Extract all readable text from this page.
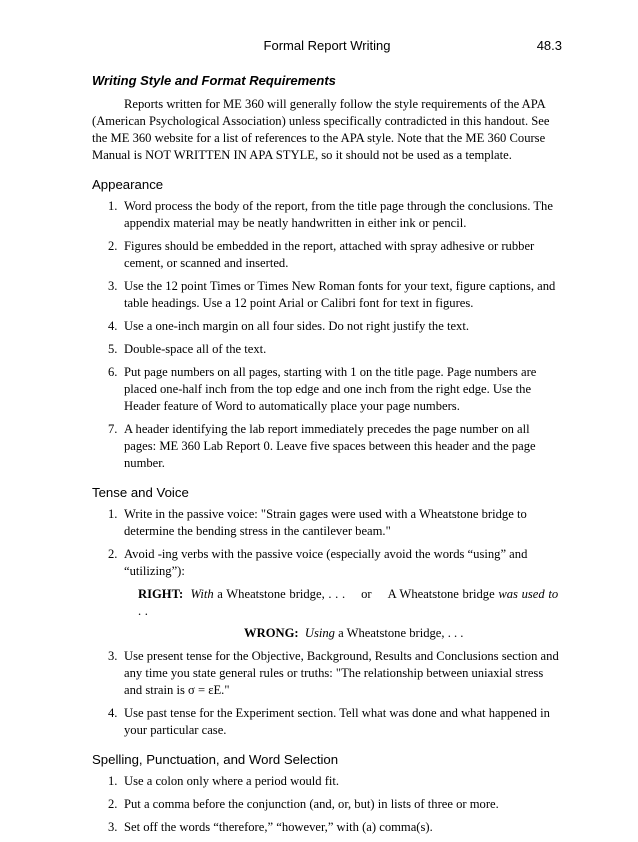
Formal Report Writing	48.3
Writing Style and Format Requirements

Reports written for ME 360 will generally follow the style requirements of the APA (American Psychological Association) unless specifically contradicted in this handout. See the ME 360 website for a list of references to the APA style. Note that the ME 360 Course Manual is NOT WRITTEN IN APA STYLE, so it should not be used as a template.

Appearance
1. Word process the body of the report, from the title page through the conclusions. The appendix material may be neatly handwritten in either ink or pencil.
2. Figures should be embedded in the report, attached with spray adhesive or rubber cement, or scanned and inserted.
3. Use the 12 point Times or Times New Roman fonts for your text, figure captions, and table headings. Use a 12 point Arial or Calibri font for text in figures.
4. Use a one-inch margin on all four sides. Do not right justify the text.
5. Double-space all of the text.
6. Put page numbers on all pages, starting with 1 on the title page. Page numbers are placed one-half inch from the top edge and one inch from the right edge. Use the Header feature of Word to automatically place your page numbers.
7. A header identifying the lab report immediately precedes the page number on all pages: ME 360 Lab Report 0. Leave five spaces between this header and the page number.
Tense and Voice
1. Write in the passive voice: "Strain gages were used with a Wheatstone bridge to determine the bending stress in the cantilever beam."
2. Avoid -ing verbs with the passive voice (especially avoid the words “using” and “utilizing”):
RIGHT: With a Wheatstone bridge, . . . or A Wheatstone bridge was used to . .
WRONG: Using a Wheatstone bridge, . . .
3. Use present tense for the Objective, Background, Results and Conclusions section and any time you state general rules or truths: "The relationship between uniaxial stress and strain is σ = εE."
4. Use past tense for the Experiment section. Tell what was done and what happened in your particular case.
Spelling, Punctuation, and Word Selection
1. Use a colon only where a period would fit.
2. Put a comma before the conjunction (and, or, but) in lists of three or more.
3. Set off the words “therefore,” “however,” with (a) comma(s).
